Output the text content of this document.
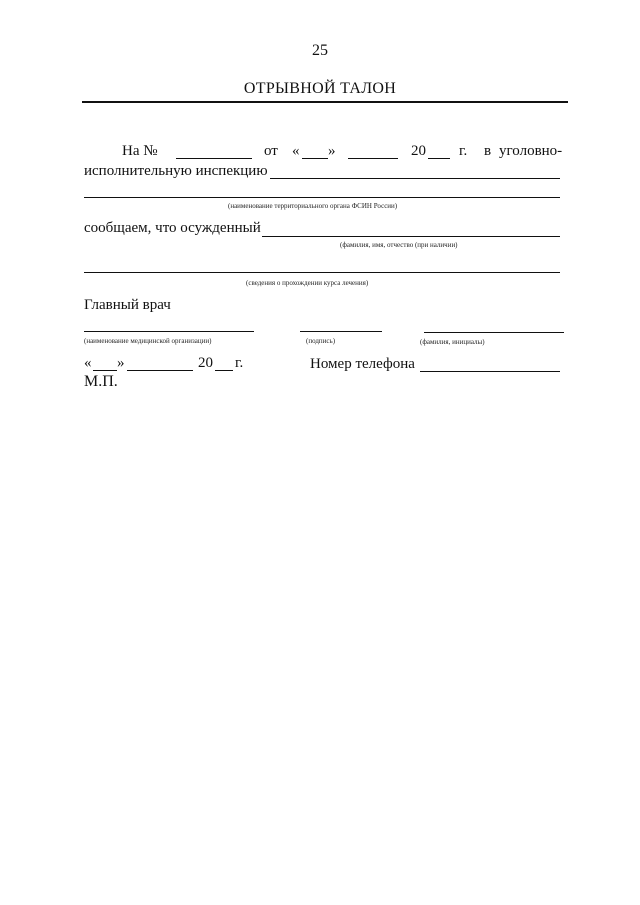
25
ОТРЫВНОЙ ТАЛОН
На №	от « »	20 г. в уголовно-
исполнительную инспекцию
(наименование территориального органа ФСИН России)
сообщаем, что осужденный
(фамилия, имя, отчество (при наличии)
(сведения о прохождении курса лечения)
Главный врач
(наименование медицинской организации)	(подпись)	(фамилия, инициалы)
« »	20 г.	Номер телефона
М.П.
